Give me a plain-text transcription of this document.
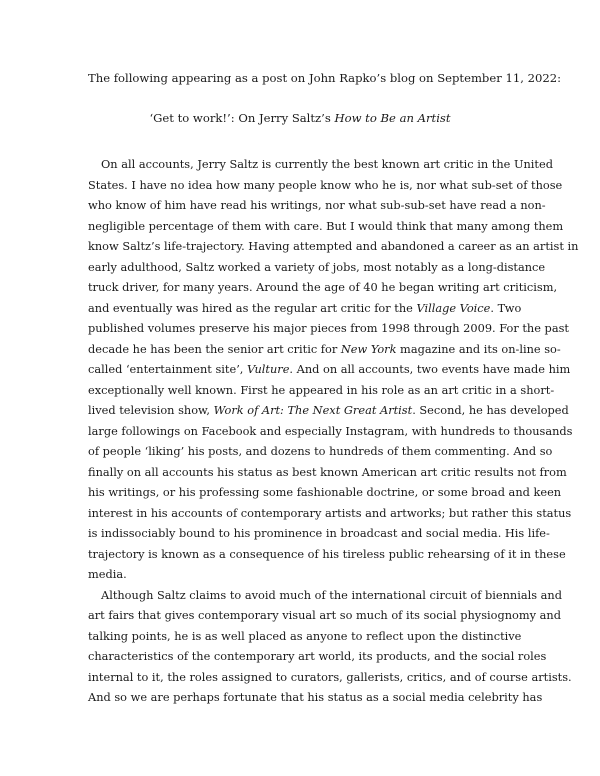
The following appearing as a post on John Rapko’s blog on September 11, 2022:
‘Get to work!’: On Jerry Saltz’s How to Be an Artist
On all accounts, Jerry Saltz is currently the best known art critic in the United
States. I have no idea how many people know who he is, nor what sub-set of those
who know of him have read his writings, nor what sub-sub-set have read a non-
negligible percentage of them with care. But I would think that many among them
know Saltz’s life-trajectory. Having attempted and abandoned a career as an artist in
early adulthood, Saltz worked a variety of jobs, most notably as a long-distance
truck driver, for many years. Around the age of 40 he began writing art criticism,
and eventually was hired as the regular art critic for the Village Voice. Two
published volumes preserve his major pieces from 1998 through 2009. For the past
decade he has been the senior art critic for New York magazine and its on-line so-
called ‘entertainment site’, Vulture. And on all accounts, two events have made him
exceptionally well known. First he appeared in his role as an art critic in a short-
lived television show, Work of Art: The Next Great Artist. Second, he has developed
large followings on Facebook and especially Instagram, with hundreds to thousands
of people ‘liking’ his posts, and dozens to hundreds of them commenting. And so
finally on all accounts his status as best known American art critic results not from
his writings, or his professing some fashionable doctrine, or some broad and keen
interest in his accounts of contemporary artists and artworks; but rather this status
is indissociably bound to his prominence in broadcast and social media. His life-
trajectory is known as a consequence of his tireless public rehearsing of it in these
media.
Although Saltz claims to avoid much of the international circuit of biennials and
art fairs that gives contemporary visual art so much of its social physiognomy and
talking points, he is as well placed as anyone to reflect upon the distinctive
characteristics of the contemporary art world, its products, and the social roles
internal to it, the roles assigned to curators, gallerists, critics, and of course artists.
And so we are perhaps fortunate that his status as a social media celebrity has
